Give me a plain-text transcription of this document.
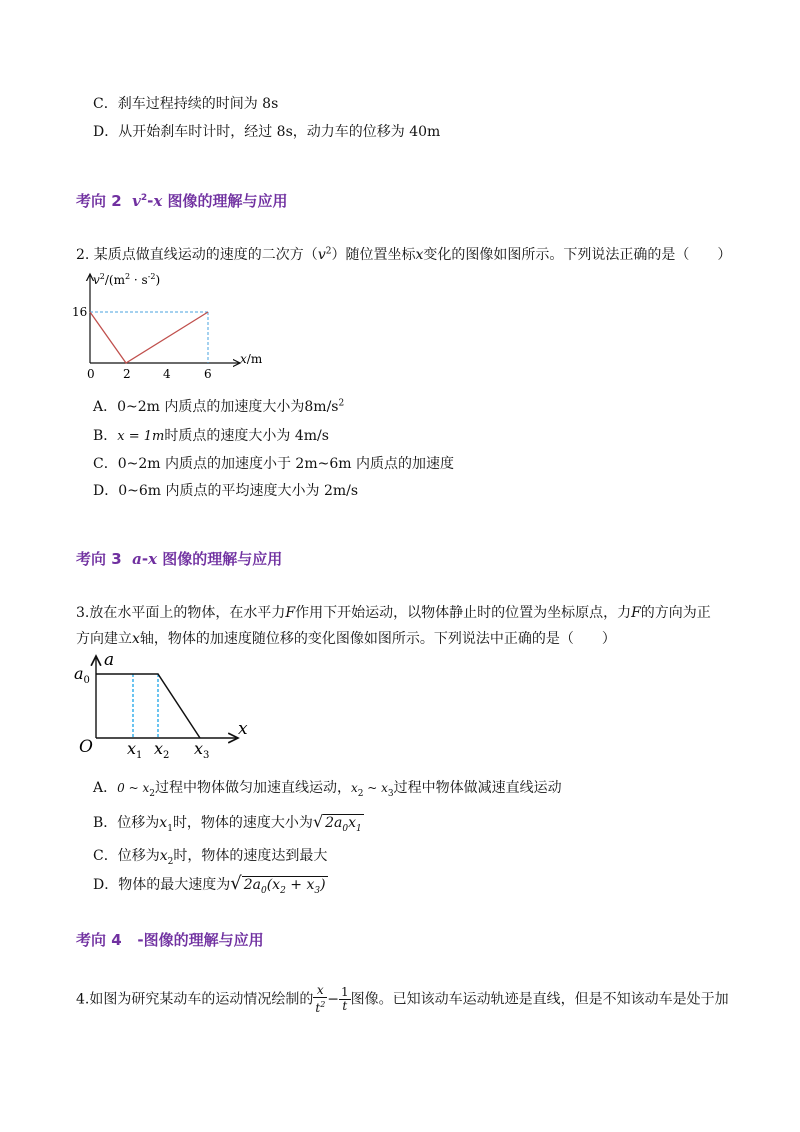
C．刹车过程持续的时间为 8s
D．从开始刹车时计时，经过 8s，动力车的位移为 40m
考向 2 $v^2-x$ 图像的理解与应用
2. 某质点做直线运动的速度的二次方$(v^2)$随位置坐标x变化的图像如图所示。下列说法正确的是（　　）
$v^2/(m^2 \cdot s^{-2})$
16
0 2	4	6
x/m
A．0~2m 内质点的加速度大小为$8m/s^2$
B．x = 1m时质点的速度大小为 4m/s
C．0~2m 内质点的加速度小于 2m~6m 内质点的加速度
D．0~6m 内质点的平均速度大小为 2m/s
考向 3 a-x 图像的理解与应用
3.放在水平面上的物体，在水平力F作用下开始运动，以物体静止时的位置为坐标原点，力F的方向为正
方向建立x轴，物体的加速度随位移的变化图像如图所示。下列说法中正确的是（　　）
a
$a_0$
O
x
$x_1$ $x_2$ $x_3$
A．0 ~ $x_2$过程中物体做匀加速直线运动，$x_2$ ~ $x_3$过程中物体做减速直线运动
B．位移为$x_1$时，物体的速度大小为√ $2a_0x_1$
C．位移为$x_2$时，物体的速度达到最大
D．物体的最大速度为√ $2a_0(x_2 + x_3)$
考向 4 -图像的理解与应用
4.如图为研究某动车的运动情况绘制的 $\frac{x}{t^2} - \frac{1}{t}$ 图像。已知该动车运动轨迹是直线，但是不知该动车是处于加
